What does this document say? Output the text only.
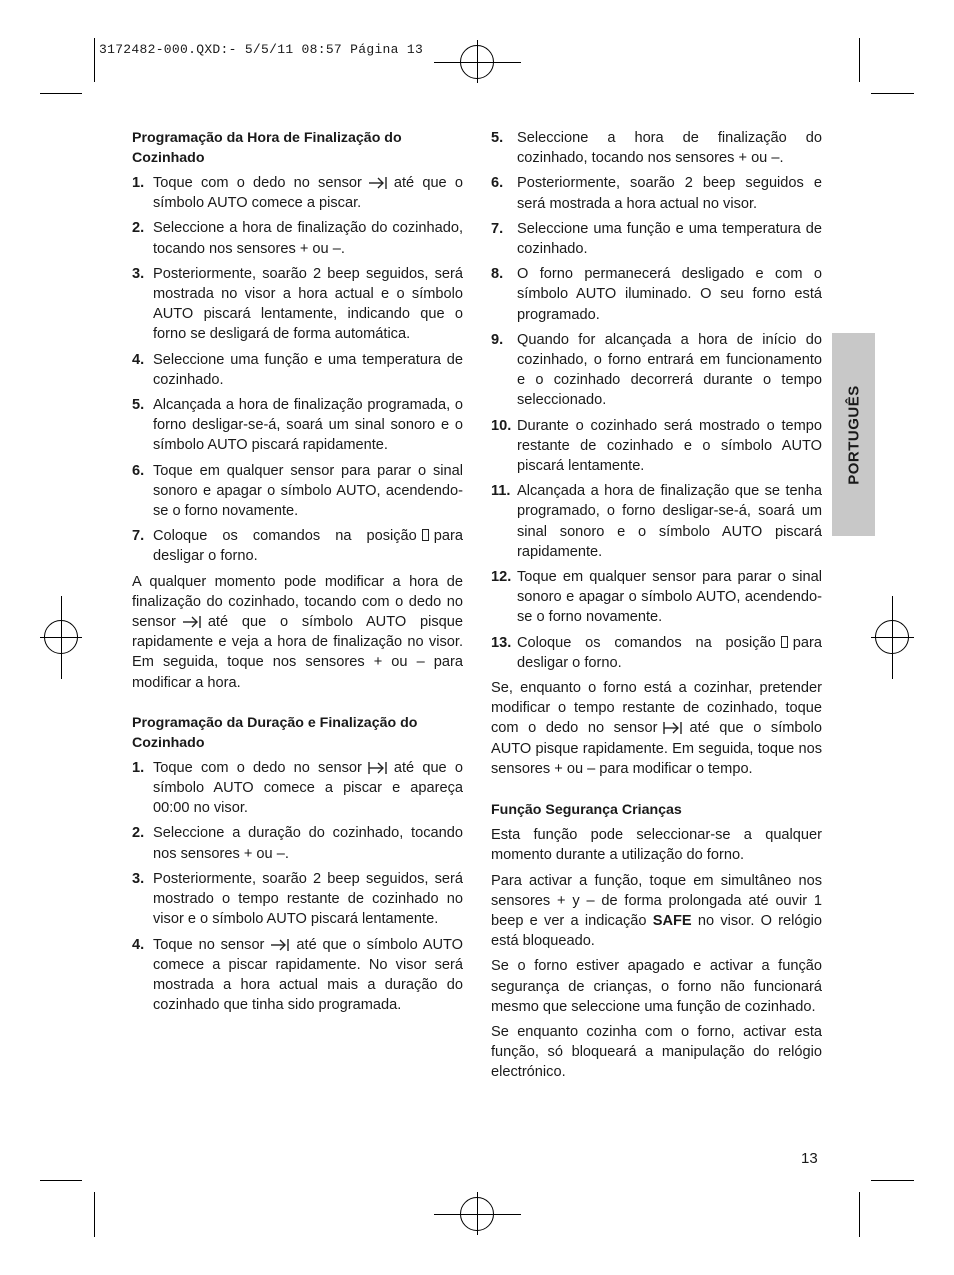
3172482-000.QXD:- 5/5/11 08:57 Página 13
PORTUGUÊS
Programação da Hora de Finalização do Cozinhado
1. Toque com o dedo no sensor até que o símbolo AUTO comece a piscar.
2. Seleccione a hora de finalização do cozinhado, tocando nos sensores + ou –.
3. Posteriormente, soarão 2 beep seguidos, será mostrada no visor a hora actual e o símbolo AUTO piscará lentamente, indicando que o forno se desligará de forma automática.
4. Seleccione uma função e uma temperatura de cozinhado.
5. Alcançada a hora de finalização programada, o forno desligar-se-á, soará um sinal sonoro e o símbolo AUTO piscará rapidamente.
6. Toque em qualquer sensor para parar o sinal sonoro e apagar o símbolo AUTO, acendendo-se o forno novamente.
7. Coloque os comandos na posição para desligar o forno.

A qualquer momento pode modificar a hora de finalização do cozinhado, tocando com o dedo no sensor até que o símbolo AUTO pisque rapidamente e veja a hora de finalização no visor. Em seguida, toque nos sensores + ou – para modificar a hora.

Programação da Duração e Finalização do Cozinhado
1. Toque com o dedo no sensor até que o símbolo AUTO comece a piscar e apareça 00:00 no visor.
2. Seleccione a duração do cozinhado, tocando nos sensores + ou –.
3. Posteriormente, soarão 2 beep seguidos, será mostrado o tempo restante de cozinhado no visor e o símbolo AUTO piscará lentamente.
4. Toque no sensor até que o símbolo AUTO comece a piscar rapidamente. No visor será mostrada a hora actual mais a duração do cozinhado que tinha sido programada.
5. Seleccione a hora de finalização do cozinhado, tocando nos sensores + ou –.
6. Posteriormente, soarão 2 beep seguidos e será mostrada a hora actual no visor.
7. Seleccione uma função e uma temperatura de cozinhado.
8. O forno permanecerá desligado e com o símbolo AUTO iluminado. O seu forno está programado.
9. Quando for alcançada a hora de início do cozinhado, o forno entrará em funcionamento e o cozinhado decorrerá durante o tempo seleccionado.
10. Durante o cozinhado será mostrado o tempo restante de cozinhado e o símbolo AUTO piscará lentamente.
11. Alcançada a hora de finalização que se tenha programado, o forno desligar-se-á, soará um sinal sonoro e o símbolo AUTO piscará rapidamente.
12. Toque em qualquer sensor para parar o sinal sonoro e apagar o símbolo AUTO, acendendo-se o forno novamente.
13. Coloque os comandos na posição para desligar o forno.

Se, enquanto o forno está a cozinhar, pretender modificar o tempo restante de cozinhado, toque com o dedo no sensor até que o símbolo AUTO pisque rapidamente. Em seguida, toque nos sensores + ou – para modificar o tempo.

Função Segurança Crianças

Esta função pode seleccionar-se a qualquer momento durante a utilização do forno.

Para activar a função, toque em simultâneo nos sensores + y – de forma prolongada até ouvir 1 beep e ver a indicação SAFE no visor. O relógio está bloqueado.

Se o forno estiver apagado e activar a função segurança de crianças, o forno não funcionará mesmo que seleccione uma função de cozinhado.

Se enquanto cozinha com o forno, activar esta função, só bloqueará a manipulação do relógio electrónico.

13
